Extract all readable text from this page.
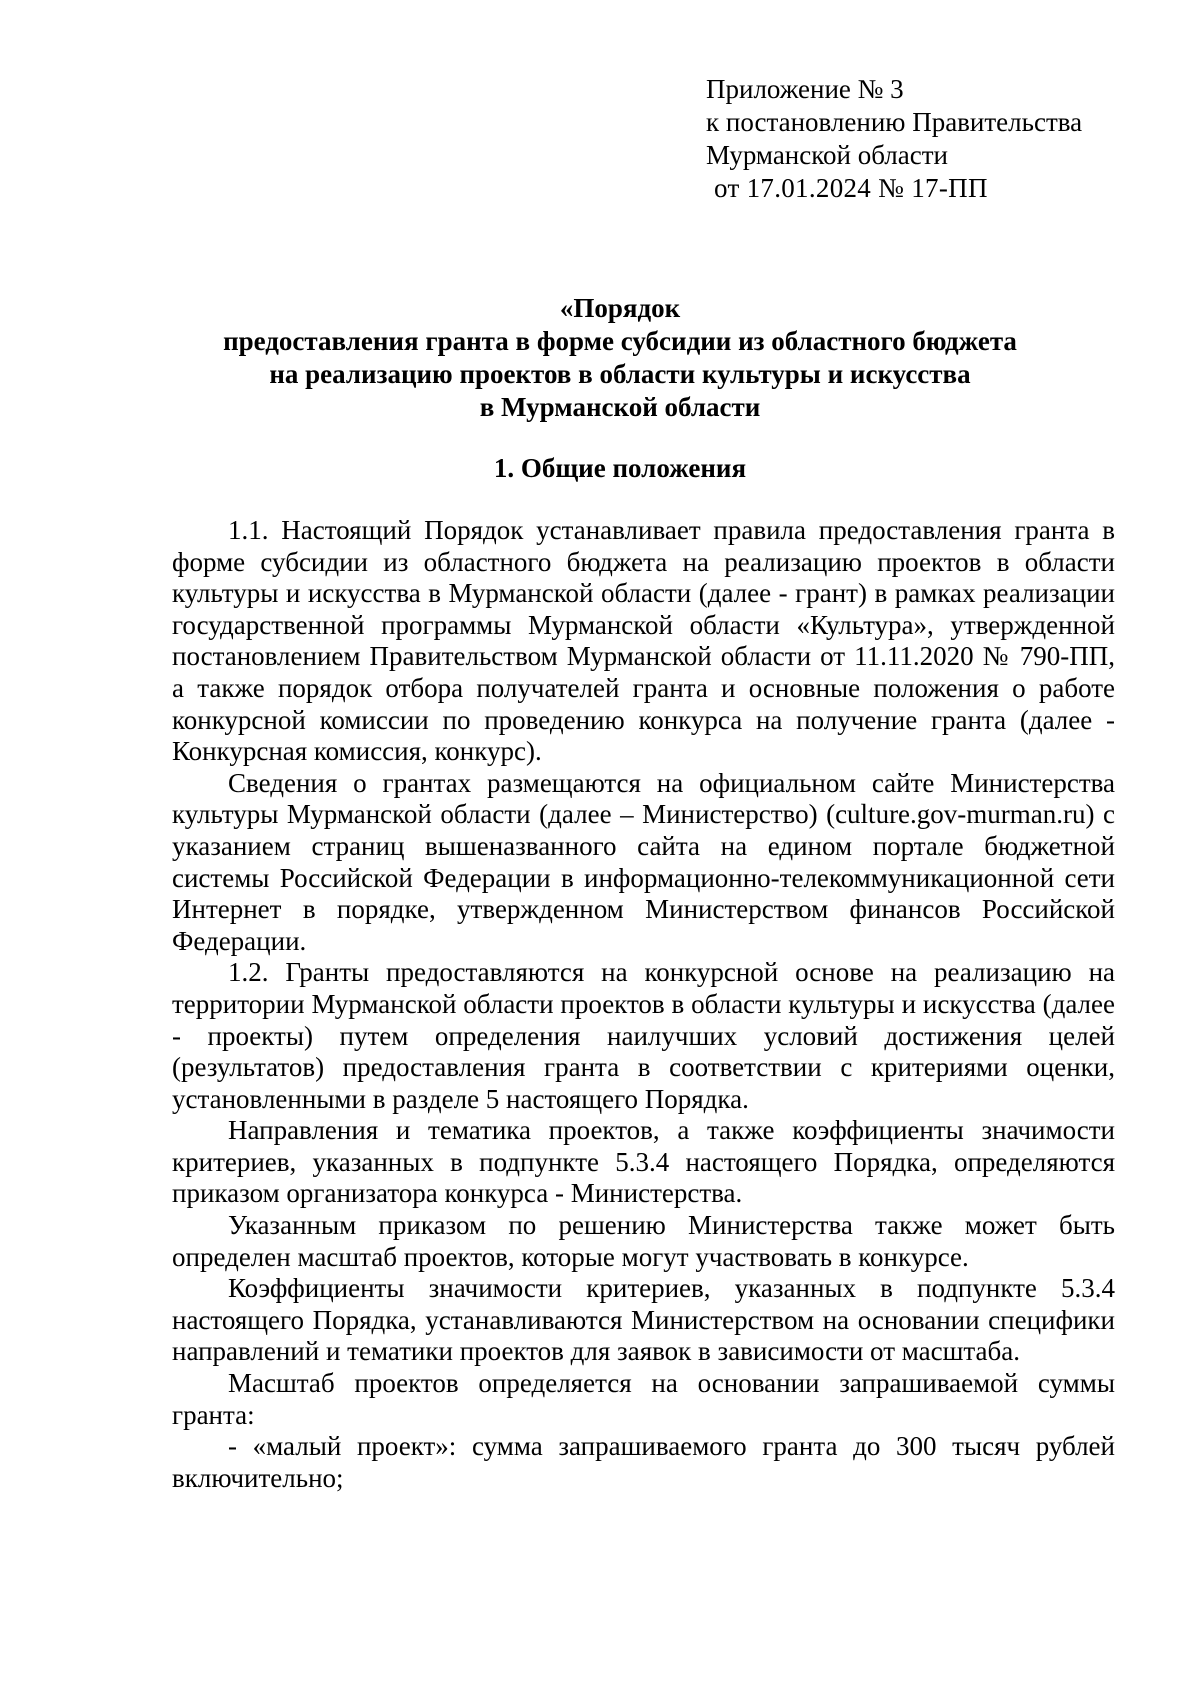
Приложение № 3
к постановлению Правительства
Мурманской области
от 17.01.2024 № 17-ПП
«Порядок
предоставления гранта в форме субсидии из областного бюджета
на реализацию проектов в области культуры и искусства
в Мурманской области
1. Общие положения

1.1. Настоящий Порядок устанавливает правила предоставления гранта в форме субсидии из областного бюджета на реализацию проектов в области культуры и искусства в Мурманской области (далее - грант) в рамках реализации государственной программы Мурманской области «Культура», утвержденной постановлением Правительством Мурманской области от 11.11.2020 № 790-ПП, а также порядок отбора получателей гранта и основные положения о работе конкурсной комиссии по проведению конкурса на получение гранта (далее - Конкурсная комиссия, конкурс).

Сведения о грантах размещаются на официальном сайте Министерства культуры Мурманской области (далее – Министерство) (culture.gov-murman.ru) с указанием страниц вышеназванного сайта на едином портале бюджетной системы Российской Федерации в информационно-телекоммуникационной сети Интернет в порядке, утвержденном Министерством финансов Российской Федерации.

1.2. Гранты предоставляются на конкурсной основе на реализацию на территории Мурманской области проектов в области культуры и искусства (далее - проекты) путем определения наилучших условий достижения целей (результатов) предоставления гранта в соответствии с критериями оценки, установленными в разделе 5 настоящего Порядка.

Направления и тематика проектов, а также коэффициенты значимости критериев, указанных в подпункте 5.3.4 настоящего Порядка, определяются приказом организатора конкурса - Министерства.

Указанным приказом по решению Министерства также может быть определен масштаб проектов, которые могут участвовать в конкурсе.

Коэффициенты значимости критериев, указанных в подпункте 5.3.4 настоящего Порядка, устанавливаются Министерством на основании специфики направлений и тематики проектов для заявок в зависимости от масштаба.

Масштаб проектов определяется на основании запрашиваемой суммы гранта:

- «малый проект»: сумма запрашиваемого гранта до 300 тысяч рублей включительно;
